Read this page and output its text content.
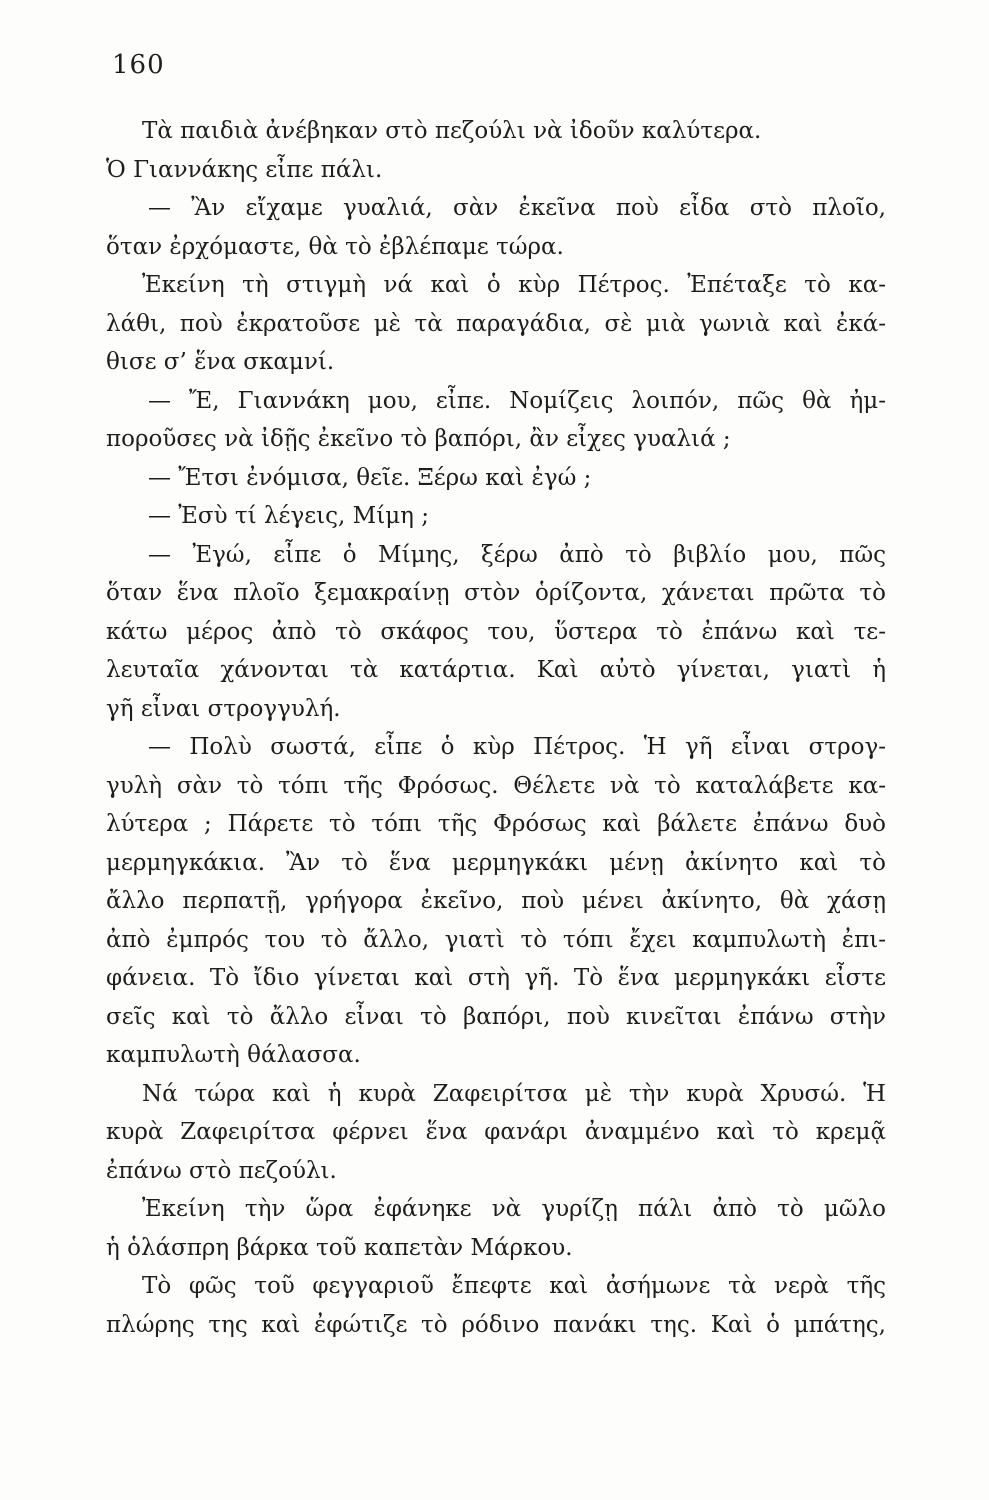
160
Τὰ παιδιὰ ἀνέβηκαν στὸ πεζούλι νὰ ἰδοῦν καλύτερα.
Ὁ Γιαννάκης εἶπε πάλι.
— Ἂν εἴχαμε γυαλιά, σὰν ἐκεῖνα ποὺ εἶδα στὸ πλοῖο,
ὅταν ἐρχόμαστε, θὰ τὸ ἐβλέπαμε τώρα.
Ἐκείνη τὴ στιγμὴ νά καὶ ὁ κὺρ Πέτρος. Ἐπέταξε τὸ κα-
λάθι, ποὺ ἐκρατοῦσε μὲ τὰ παραγάδια, σὲ μιὰ γωνιὰ καὶ ἐκά-
θισε σ’ ἕνα σκαμνί.
— Ἔ, Γιαννάκη μου, εἶπε. Νομίζεις λοιπόν, πῶς θὰ ἠμ-
ποροῦσες νὰ ἰδῇς ἐκεῖνο τὸ βαπόρι, ἂν εἶχες γυαλιά ;
— Ἔτσι ἐνόμισα, θεῖε. Ξέρω καὶ ἐγώ ;
— Ἐσὺ τί λέγεις, Μίμη ;
— Ἐγώ, εἶπε ὁ Μίμης, ξέρω ἀπὸ τὸ βιβλίο μου, πῶς
ὅταν ἕνα πλοῖο ξεμακραίνῃ στὸν ὁρίζοντα, χάνεται πρῶτα τὸ
κάτω μέρος ἀπὸ τὸ σκάφος του, ὕστερα τὸ ἐπάνω καὶ τε-
λευταῖα χάνονται τὰ κατάρτια. Καὶ αὐτὸ γίνεται, γιατὶ ἡ
γῆ εἶναι στρογγυλή.
— Πολὺ σωστά, εἶπε ὁ κὺρ Πέτρος. Ἡ γῆ εἶναι στρογ-
γυλὴ σὰν τὸ τόπι τῆς Φρόσως. Θέλετε νὰ τὸ καταλάβετε κα-
λύτερα ; Πάρετε τὸ τόπι τῆς Φρόσως καὶ βάλετε ἐπάνω δυὸ
μερμηγκάκια. Ἂν τὸ ἕνα μερμηγκάκι μένῃ ἀκίνητο καὶ τὸ
ἄλλο περπατῇ, γρήγορα ἐκεῖνο, ποὺ μένει ἀκίνητο, θὰ χάσῃ
ἀπὸ ἐμπρός του τὸ ἄλλο, γιατὶ τὸ τόπι ἔχει καμπυλωτὴ ἐπι-
φάνεια. Τὸ ἴδιο γίνεται καὶ στὴ γῆ. Τὸ ἕνα μερμηγκάκι εἶστε
σεῖς καὶ τὸ ἄλλο εἶναι τὸ βαπόρι, ποὺ κινεῖται ἐπάνω στὴν
καμπυλωτὴ θάλασσα.
Νά τώρα καὶ ἡ κυρὰ Ζαφειρίτσα μὲ τὴν κυρὰ Χρυσώ. Ἡ
κυρὰ Ζαφειρίτσα φέρνει ἕνα φανάρι ἀναμμένο καὶ τὸ κρεμᾷ
ἐπάνω στὸ πεζούλι.
Ἐκείνη τὴν ὥρα ἐφάνηκε νὰ γυρίζῃ πάλι ἀπὸ τὸ μῶλο
ἡ ὁλάσπρη βάρκα τοῦ καπετὰν Μάρκου.
Τὸ φῶς τοῦ φεγγαριοῦ ἔπεφτε καὶ ἀσήμωνε τὰ νερὰ τῆς
πλώρης της καὶ ἐφώτιζε τὸ ρόδινο πανάκι της. Καὶ ὁ μπάτης,
